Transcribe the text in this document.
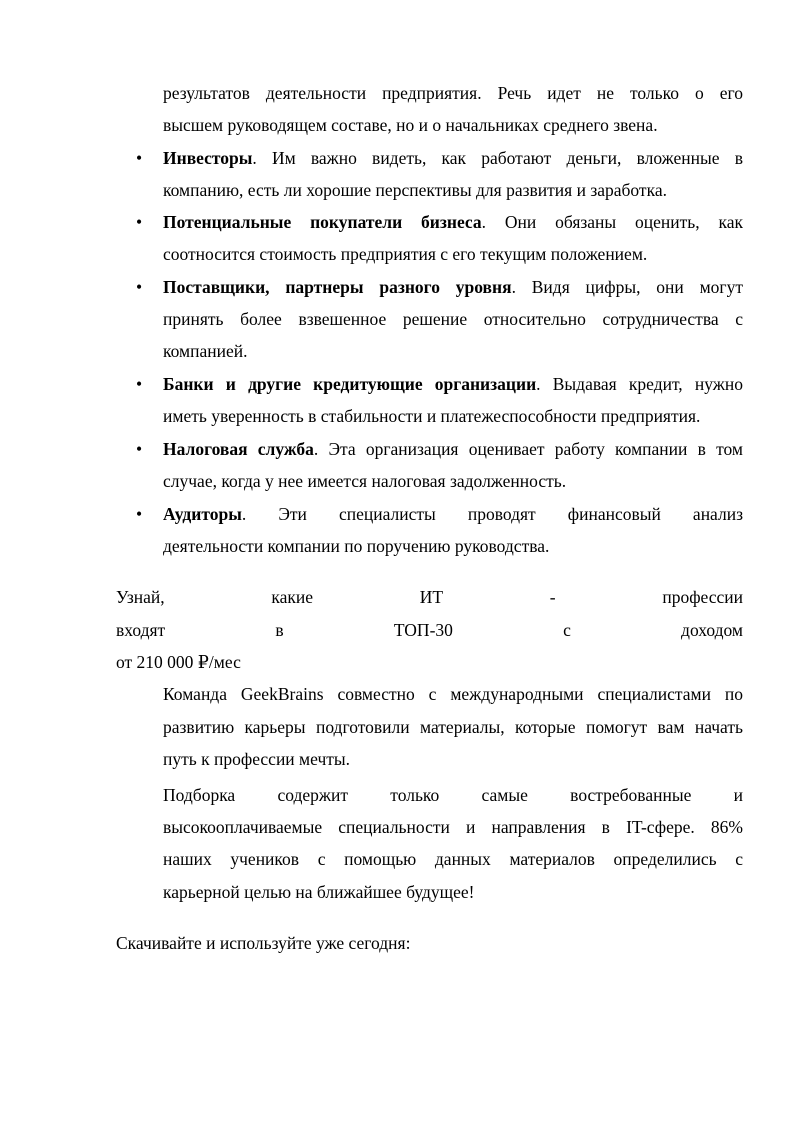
результатов деятельности предприятия. Речь идет не только о его
высшем руководящем составе, но и о начальниках среднего звена.
• Инвесторы. Им важно видеть, как работают деньги, вложенные в
компанию, есть ли хорошие перспективы для развития и заработка.
• Потенциальные покупатели бизнеса. Они обязаны оценить, как
соотносится стоимость предприятия с его текущим положением.
• Поставщики, партнеры разного уровня. Видя цифры, они могут
принять более взвешенное решение относительно сотрудничества с
компанией.
• Банки и другие кредитующие организации. Выдавая кредит, нужно
иметь уверенность в стабильности и платежеспособности предприятия.
• Налоговая служба. Эта организация оценивает работу компании в том
случае, когда у нее имеется налоговая задолженность.
• Аудиторы. Эти специалисты проводят финансовый анализ
деятельности компании по поручению руководства.
Узнай, какие ИТ - профессии
входят в ТОП-30 с доходом
от 210 000 ₽/мес
Команда GeekBrains совместно с международными специалистами по
развитию карьеры подготовили материалы, которые помогут вам начать
путь к профессии мечты.
Подборка содержит только самые востребованные и
высокооплачиваемые специальности и направления в IT-сфере. 86%
наших учеников с помощью данных материалов определились с
карьерной целью на ближайшее будущее!
Скачивайте и используйте уже сегодня:
